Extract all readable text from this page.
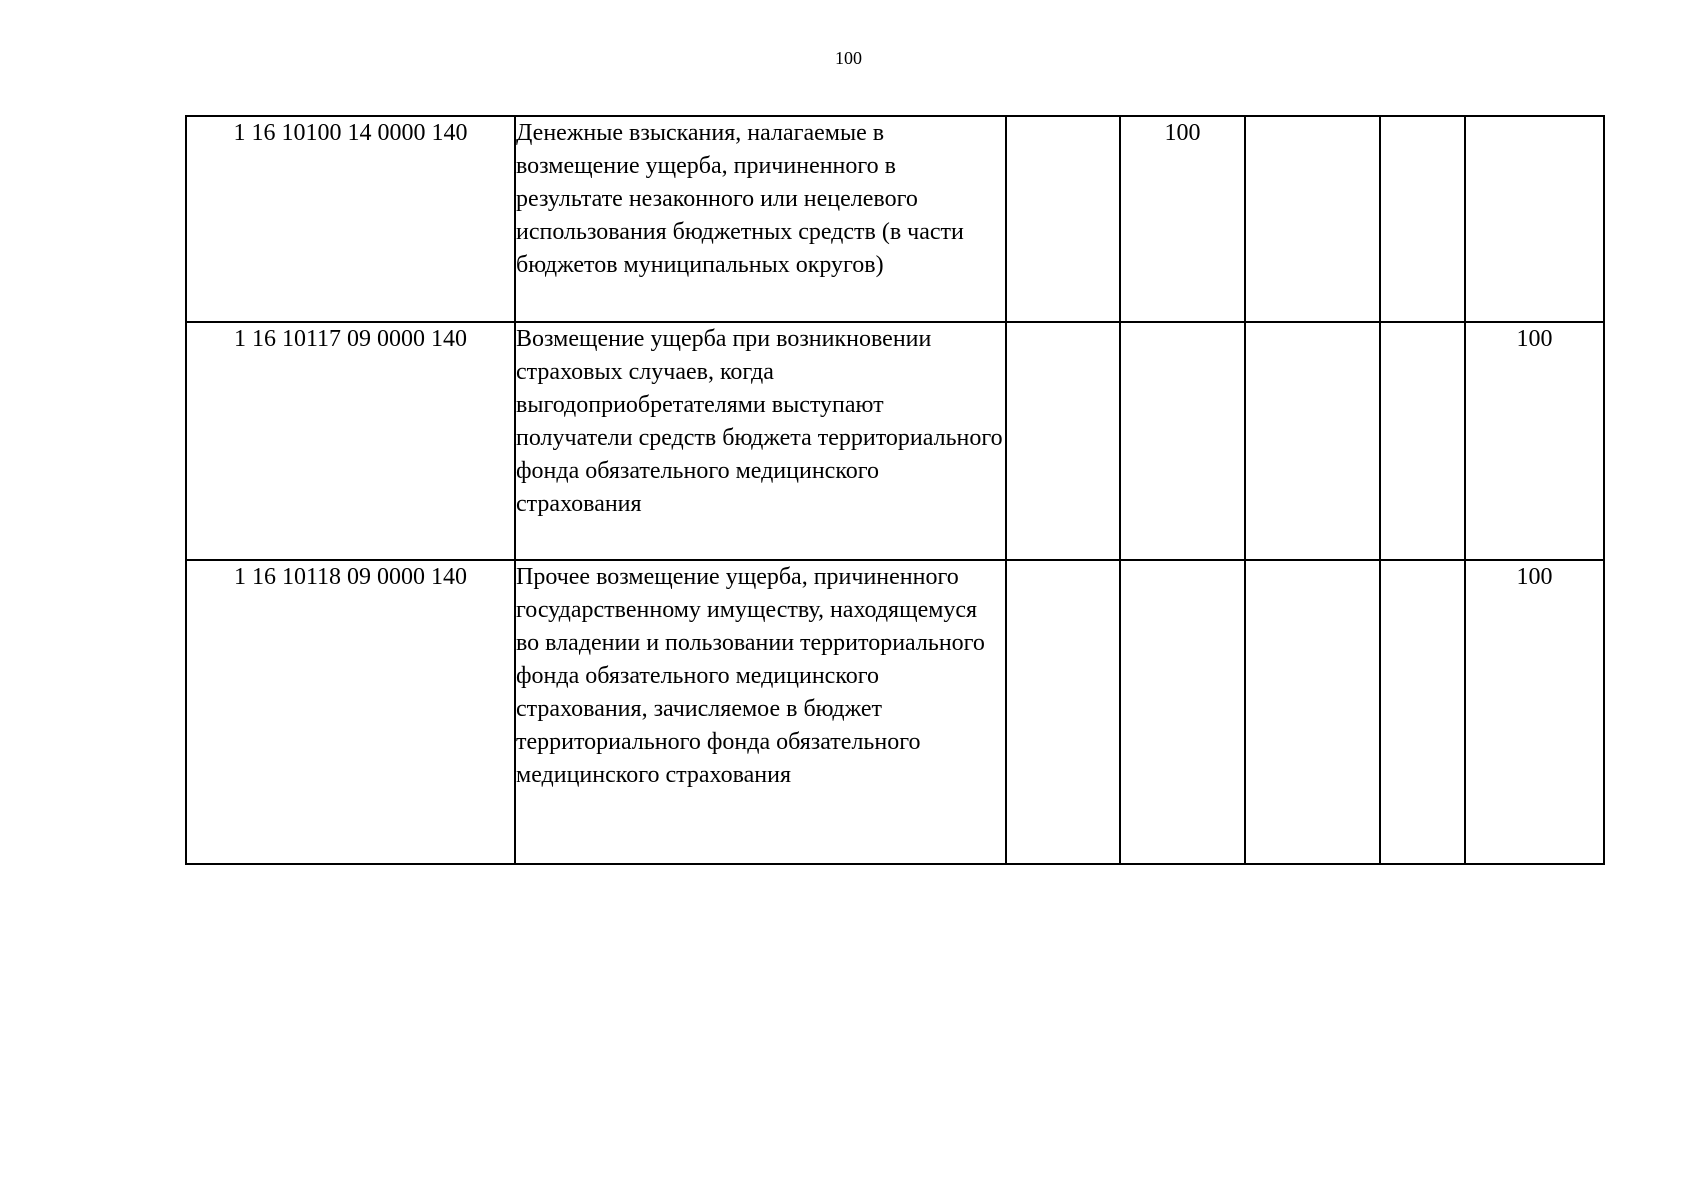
100
1 16 10100 14 0000 140	Денежные взыскания, налагаемые в возмещение ущерба, причиненного в результате незаконного или нецелевого использования бюджетных средств (в части бюджетов муниципальных округов)		100			
1 16 10117 09 0000 140	Возмещение ущерба при возникновении страховых случаев, когда выгодоприобретателями выступают получатели средств бюджета территориального фонда обязательного медицинского страхования					100
1 16 10118 09 0000 140	Прочее возмещение ущерба, причиненного государственному имуществу, находящемуся во владении и пользовании территориального фонда обязательного медицинского страхования, зачисляемое в бюджет территориального фонда обязательного медицинского страхования					100
